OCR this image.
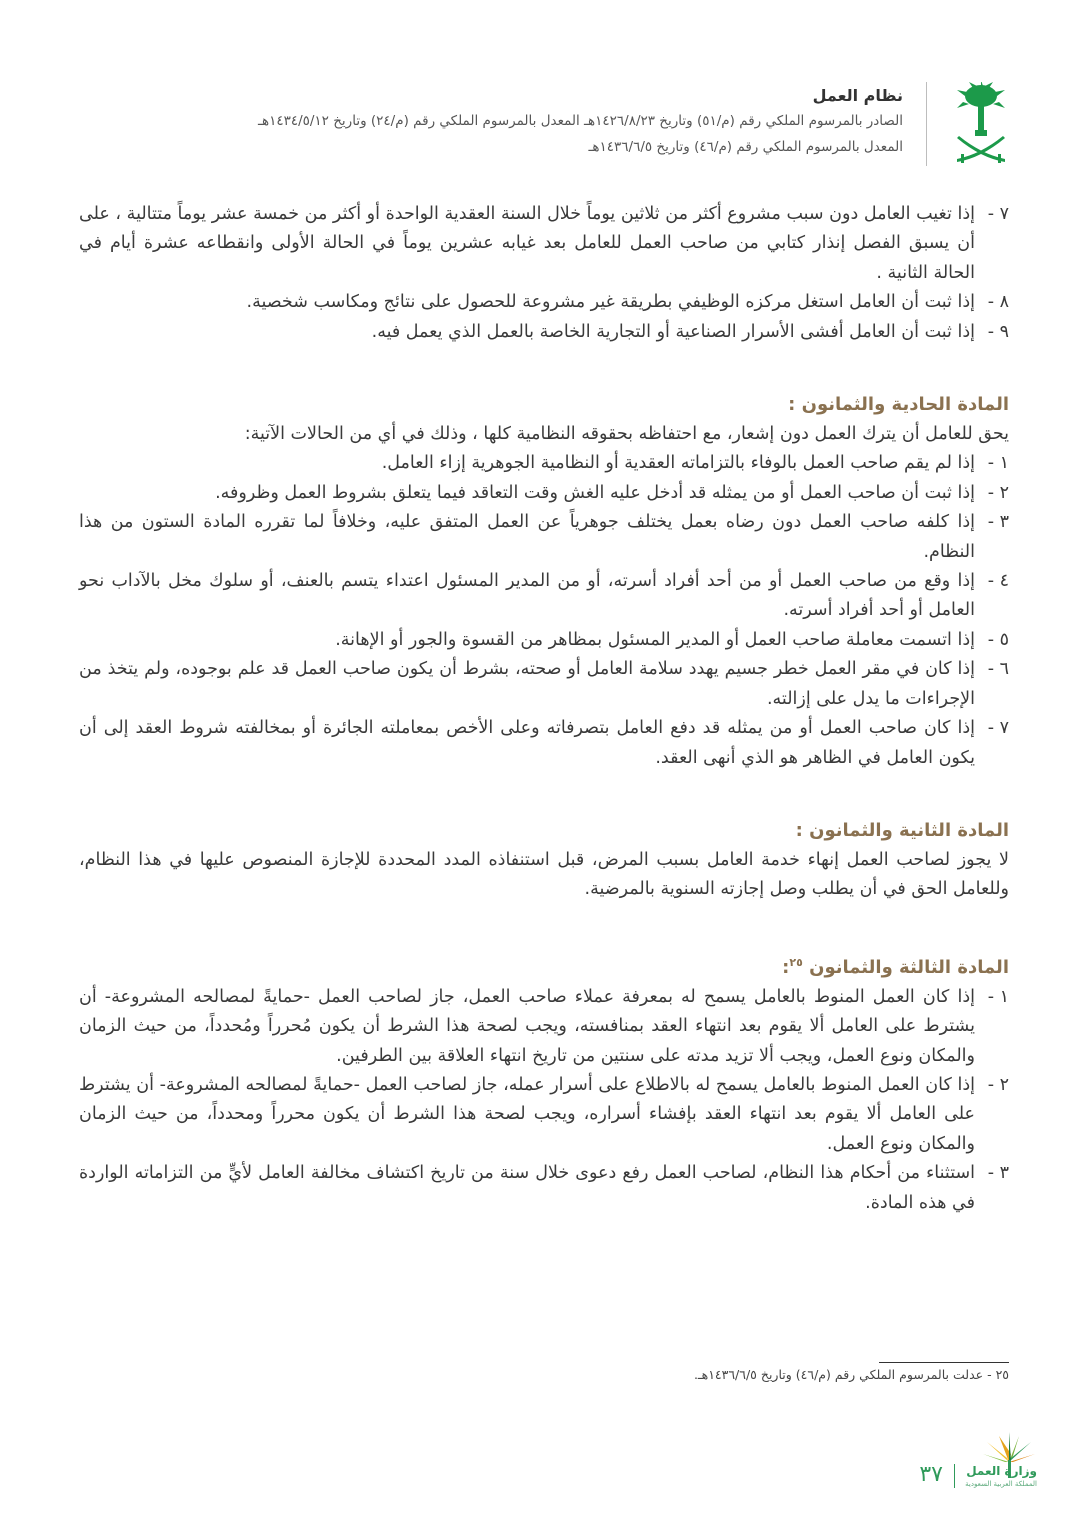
نظام العمل
الصادر بالمرسوم الملكي رقم (م/٥١) وتاريخ ١٤٢٦/٨/٢٣هـ المعدل بالمرسوم الملكي رقم (م/٢٤) وتاريخ ١٤٣٤/٥/١٢هـ
المعدل بالمرسوم الملكي رقم (م/٤٦) وتاريخ ١٤٣٦/٦/٥هـ
٧ -
إذا تغيب العامل دون سبب مشروع أكثر من ثلاثين يوماً خلال السنة العقدية الواحدة أو أكثر من خمسة عشر يوماً متتالية ، على أن يسبق الفصل إنذار كتابي من صاحب العمل للعامل بعد غيابه عشرين يوماً في الحالة الأولى وانقطاعه عشرة أيام في الحالة الثانية .
٨ -
إذا ثبت أن العامل استغل مركزه الوظيفي بطريقة غير مشروعة للحصول على نتائج ومكاسب شخصية.
٩ -
إذا ثبت أن العامل أفشى الأسرار الصناعية أو التجارية الخاصة بالعمل الذي يعمل فيه.
المادة الحادية والثمانون :
يحق للعامل أن يترك العمل دون إشعار، مع احتفاظه بحقوقه النظامية كلها ، وذلك في أي من الحالات الآتية:
١ -
إذا لم يقم صاحب العمل بالوفاء بالتزاماته العقدية أو النظامية الجوهرية إزاء العامل.
٢ -
إذا ثبت أن صاحب العمل أو من يمثله قد أدخل عليه الغش وقت التعاقد فيما يتعلق بشروط العمل وظروفه.
٣ -
إذا كلفه صاحب العمل دون رضاه بعمل يختلف جوهرياً عن العمل المتفق عليه، وخلافاً لما تقرره المادة الستون من هذا النظام.
٤ -
إذا وقع من صاحب العمل أو من أحد أفراد أسرته، أو من المدير المسئول اعتداء يتسم بالعنف، أو سلوك مخل بالآداب نحو العامل أو أحد أفراد أسرته.
٥ -
إذا اتسمت معاملة صاحب العمل أو المدير المسئول بمظاهر من القسوة والجور أو الإهانة.
٦ -
إذا كان في مقر العمل خطر جسيم يهدد سلامة العامل أو صحته، بشرط أن يكون صاحب العمل قد علم بوجوده، ولم يتخذ من الإجراءات ما يدل على إزالته.
٧ -
إذا كان صاحب العمل أو من يمثله قد دفع العامل بتصرفاته وعلى الأخص بمعاملته الجائرة أو بمخالفته شروط العقد إلى أن يكون العامل في الظاهر هو الذي أنهى العقد.
المادة الثانية والثمانون :
لا يجوز لصاحب العمل إنهاء خدمة العامل بسبب المرض، قبل استنفاذه المدد المحددة للإجازة المنصوص عليها في هذا النظام، وللعامل الحق في أن يطلب وصل إجازته السنوية بالمرضية.
المادة الثالثة والثمانون $^{٢٥}$:
١ -
إذا كان العمل المنوط بالعامل يسمح له بمعرفة عملاء صاحب العمل، جاز لصاحب العمل -حمايةً لمصالحه المشروعة- أن يشترط على العامل ألا يقوم بعد انتهاء العقد بمنافسته، ويجب لصحة هذا الشرط أن يكون مُحرراً ومُحدداً، من حيث الزمان والمكان ونوع العمل، ويجب ألا تزيد مدته على سنتين من تاريخ انتهاء العلاقة بين الطرفين.
٢ -
إذا كان العمل المنوط بالعامل يسمح له بالاطلاع على أسرار عمله، جاز لصاحب العمل -حمايةً لمصالحه المشروعة- أن يشترط على العامل ألا يقوم بعد انتهاء العقد بإفشاء أسراره، ويجب لصحة هذا الشرط أن يكون محرراً ومحدداً، من حيث الزمان والمكان ونوع العمل.
٣ -
استثناء من أحكام هذا النظام، لصاحب العمل رفع دعوى خلال سنة من تاريخ اكتشاف مخالفة العامل لأيٍّ من التزاماته الواردة في هذه المادة.
٢٥ - عدلت بالمرسوم الملكي رقم (م/٤٦) وتاريخ ١٤٣٦/٦/٥هـ.
وزارة العمل
المملكة العربية السعودية
٣٧
